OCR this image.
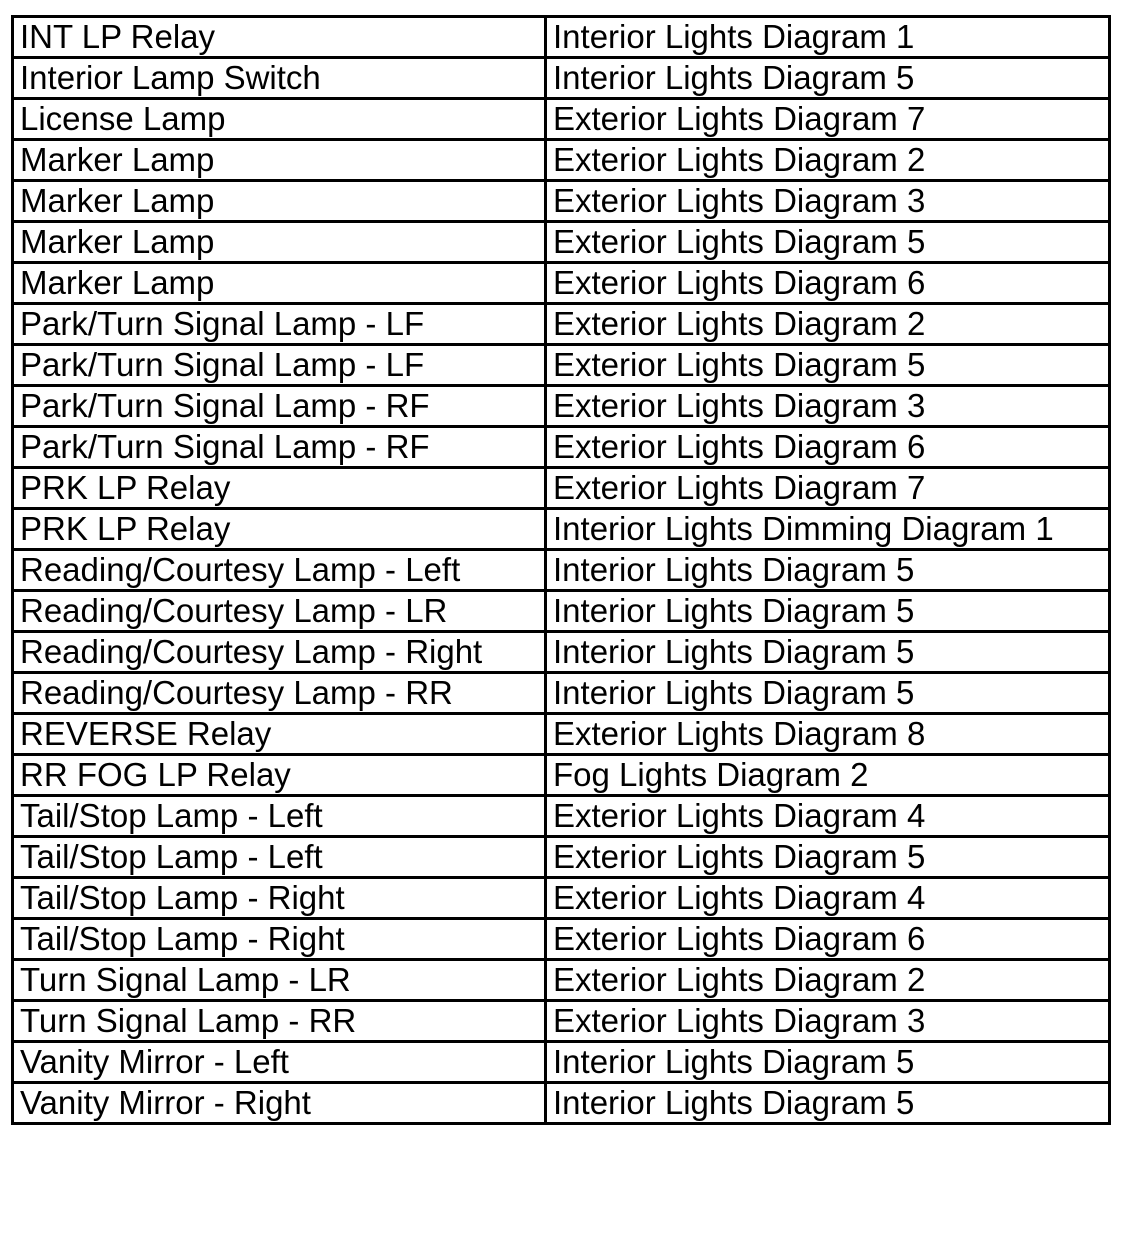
INT LP Relay	Interior Lights Diagram 1
Interior Lamp Switch	Interior Lights Diagram 5
License Lamp	Exterior Lights Diagram 7
Marker Lamp	Exterior Lights Diagram 2
Marker Lamp	Exterior Lights Diagram 3
Marker Lamp	Exterior Lights Diagram 5
Marker Lamp	Exterior Lights Diagram 6
Park/Turn Signal Lamp - LF	Exterior Lights Diagram 2
Park/Turn Signal Lamp - LF	Exterior Lights Diagram 5
Park/Turn Signal Lamp - RF	Exterior Lights Diagram 3
Park/Turn Signal Lamp - RF	Exterior Lights Diagram 6
PRK LP Relay	Exterior Lights Diagram 7
PRK LP Relay	Interior Lights Dimming Diagram 1
Reading/Courtesy Lamp - Left	Interior Lights Diagram 5
Reading/Courtesy Lamp - LR	Interior Lights Diagram 5
Reading/Courtesy Lamp - Right	Interior Lights Diagram 5
Reading/Courtesy Lamp - RR	Interior Lights Diagram 5
REVERSE Relay	Exterior Lights Diagram 8
RR FOG LP Relay	Fog Lights Diagram 2
Tail/Stop Lamp - Left	Exterior Lights Diagram 4
Tail/Stop Lamp - Left	Exterior Lights Diagram 5
Tail/Stop Lamp - Right	Exterior Lights Diagram 4
Tail/Stop Lamp - Right	Exterior Lights Diagram 6
Turn Signal Lamp - LR	Exterior Lights Diagram 2
Turn Signal Lamp - RR	Exterior Lights Diagram 3
Vanity Mirror - Left	Interior Lights Diagram 5
Vanity Mirror - Right	Interior Lights Diagram 5
